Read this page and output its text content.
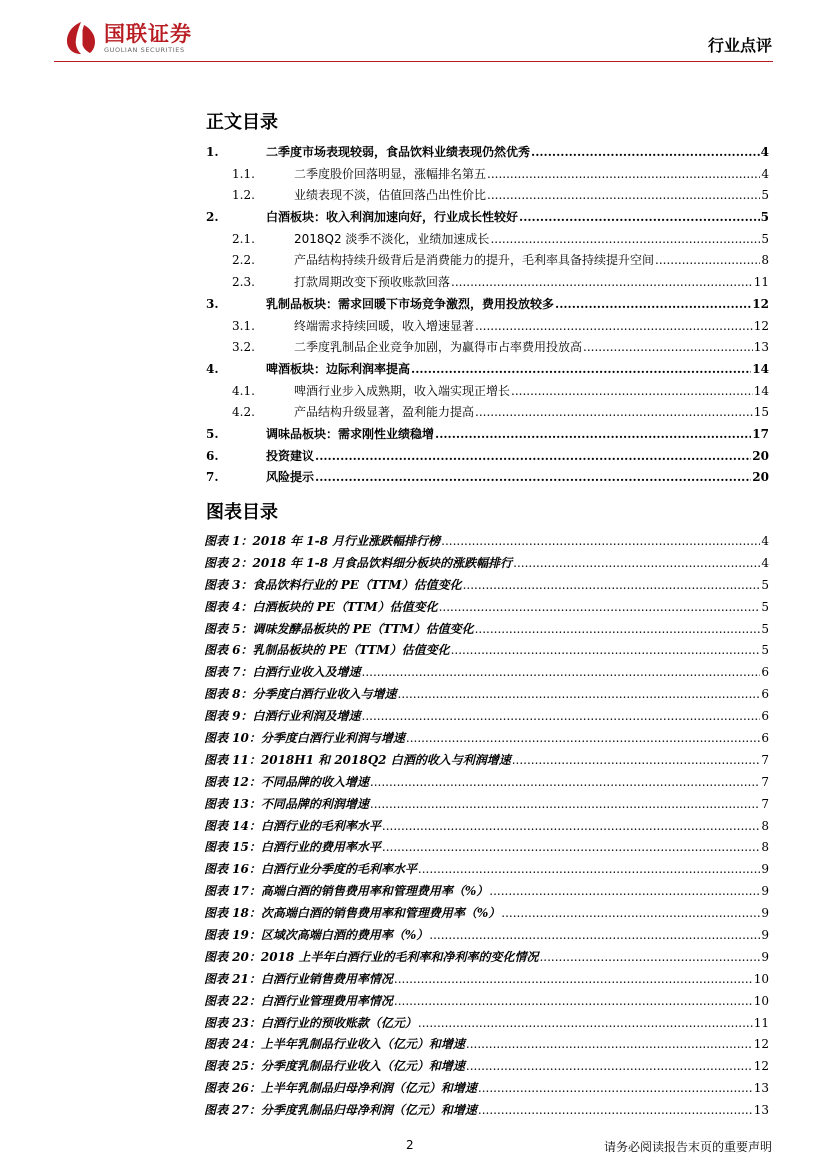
国联证券
GUOLIAN SECURITIES	行业点评
正文目录
1.	二季度市场表现较弱，食品饮料业绩表现仍然优秀 .....	4
1.1.	二季度股价回落明显，涨幅排名第五 .....	4
1.2.	业绩表现不淡，估值回落凸出性价比 .....	5
2.	白酒板块：收入利润加速向好，行业成长性较好 .....	5
2.1.	2018Q2 淡季不淡化，业绩加速成长 .....	5
2.2.	产品结构持续升级背后是消费能力的提升，毛利率具备持续提升空间 .....	8
2.3.	打款周期改变下预收账款回落 .....	11
3.	乳制品板块：需求回暖下市场竞争激烈，费用投放较多 .....	12
3.1.	终端需求持续回暖，收入增速显著 .....	12
3.2.	二季度乳制品企业竞争加剧，为赢得市占率费用投放高 .....	13
4.	啤酒板块：边际利润率提高 .....	14
4.1.	啤酒行业步入成熟期，收入端实现正增长 .....	14
4.2.	产品结构升级显著，盈利能力提高 .....	15
5.	调味品板块：需求刚性业绩稳增 .....	17
6.	投资建议 .....	20
7.	风险提示 .....	20
图表目录
图表 1：2018 年 1-8 月行业涨跌幅排行榜 .....	4
图表 2：2018 年 1-8 月食品饮料细分板块的涨跌幅排行 .....	4
图表 3：食品饮料行业的 PE（TTM）估值变化 .....	5
图表 4：白酒板块的 PE（TTM）估值变化 .....	5
图表 5：调味发酵品板块的 PE（TTM）估值变化 .....	5
图表 6：乳制品板块的 PE（TTM）估值变化 .....	5
图表 7：白酒行业收入及增速 .....	6
图表 8：分季度白酒行业收入与增速 .....	6
图表 9：白酒行业利润及增速 .....	6
图表 10：分季度白酒行业利润与增速 .....	6
图表 11：2018H1 和 2018Q2 白酒的收入与利润增速 .....	7
图表 12：不同品牌的收入增速 .....	7
图表 13：不同品牌的利润增速 .....	7
图表 14：白酒行业的毛利率水平 .....	8
图表 15：白酒行业的费用率水平 .....	8
图表 16：白酒行业分季度的毛利率水平 .....	9
图表 17：高端白酒的销售费用率和管理费用率（%） .....	9
图表 18：次高端白酒的销售费用率和管理费用率（%） .....	9
图表 19：区域次高端白酒的费用率（%） .....	9
图表 20：2018 上半年白酒行业的毛利率和净利率的变化情况 .....	9
图表 21：白酒行业销售费用率情况 .....	10
图表 22：白酒行业管理费用率情况 .....	10
图表 23：白酒行业的预收账款（亿元） .....	11
图表 24：上半年乳制品行业收入（亿元）和增速 .....	12
图表 25：分季度乳制品行业收入（亿元）和增速 .....	12
图表 26：上半年乳制品归母净利润（亿元）和增速 .....	13
图表 27：分季度乳制品归母净利润（亿元）和增速 .....	13
2	请务必阅读报告末页的重要声明
